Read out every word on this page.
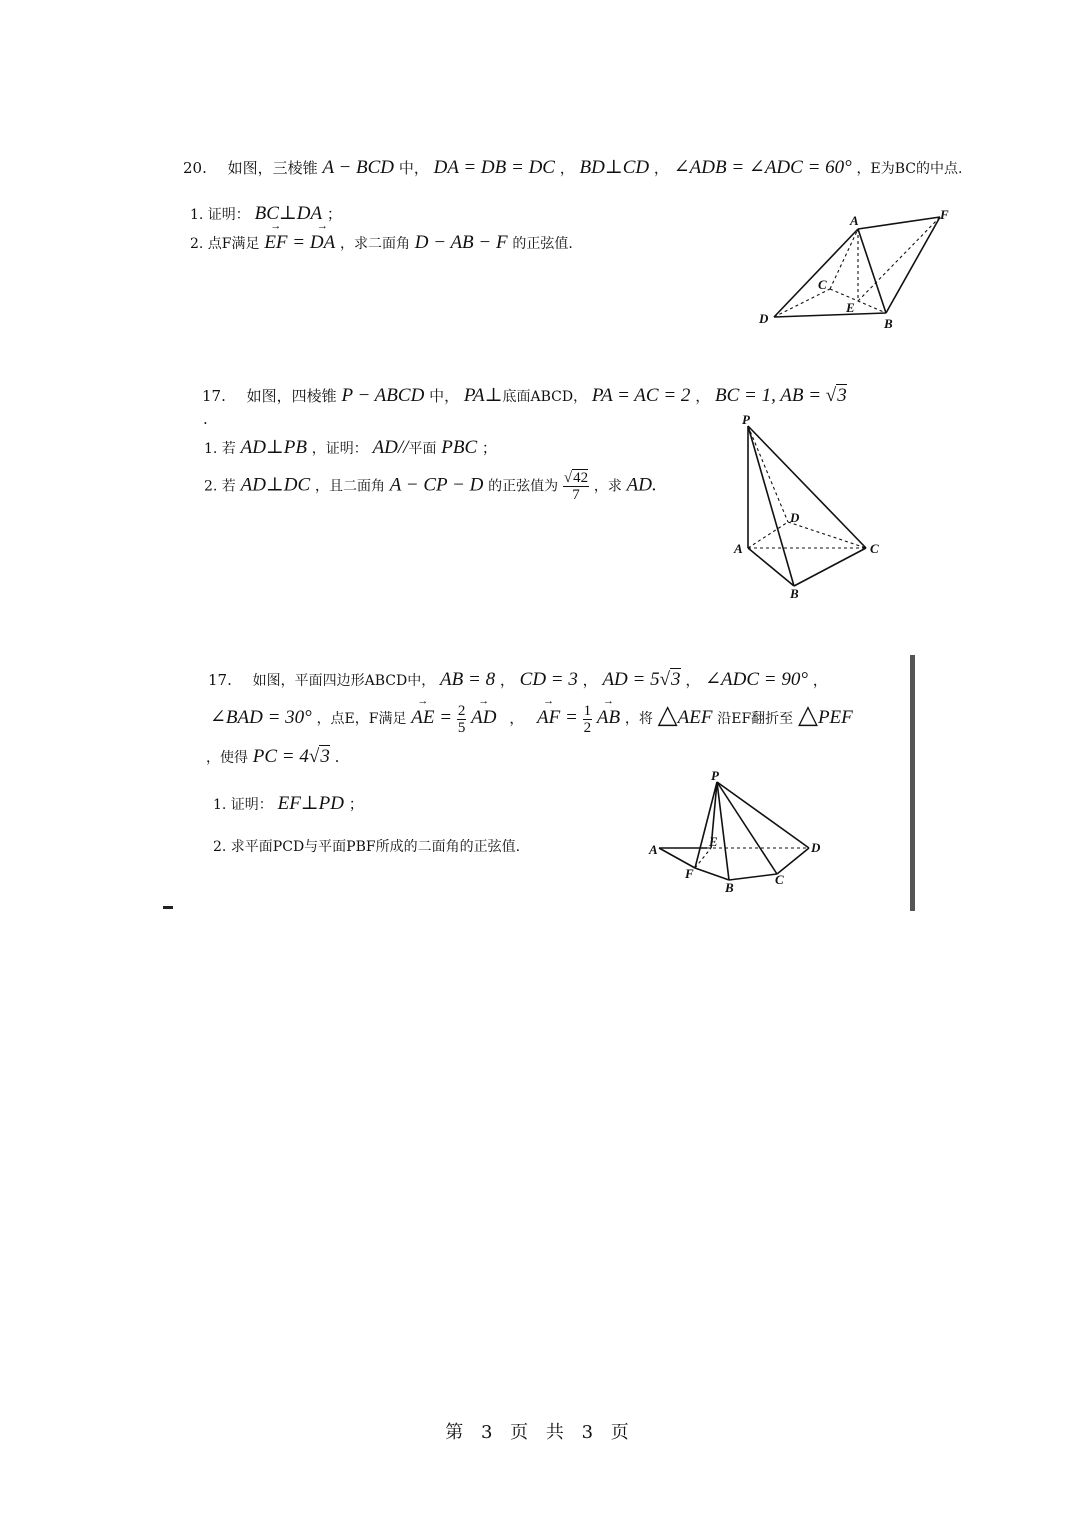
20. 如图，三棱锥 A − BCD 中， DA = DB = DC ， BD⊥CD ， ∠ADB = ∠ADC = 60° ，E为BC的中点.
1. 证明： BC⊥DA ；
2. 点F满足 → EF = → DA ，求二面角 D − AB − F 的正弦值.
A	F
C
E
D	B
17. 如图，四棱锥 P − ABCD 中， PA⊥底面ABCD， PA = AC = 2 ， BC = 1, AB = √3
.
1. 若 AD⊥PB ，证明： AD//平面 PBC ；
2. 若 AD⊥DC ，且二面角 A − CP − D 的正弦值为 $\frac{√42}{7}$ ，求 AD.
P
A
D
C
B
17. 如图，平面四边形ABCD中， AB = 8 ， CD = 3 ， AD = 5√3 ， ∠ADC = 90° ，
∠BAD = 30° ，点E，F满足 → AE = $\frac{2}{5}$ → AD ， → AF = $\frac{1}{2}$ → AB ，将 △AEF 沿EF翻折至 △PEF
，使得 PC = 4√3 .
1. 证明： EF⊥PD ；
2. 求平面PCD与平面PBF所成的二面角的正弦值.
P
A
E	D
F
B
C
第 3 页 共 3 页
